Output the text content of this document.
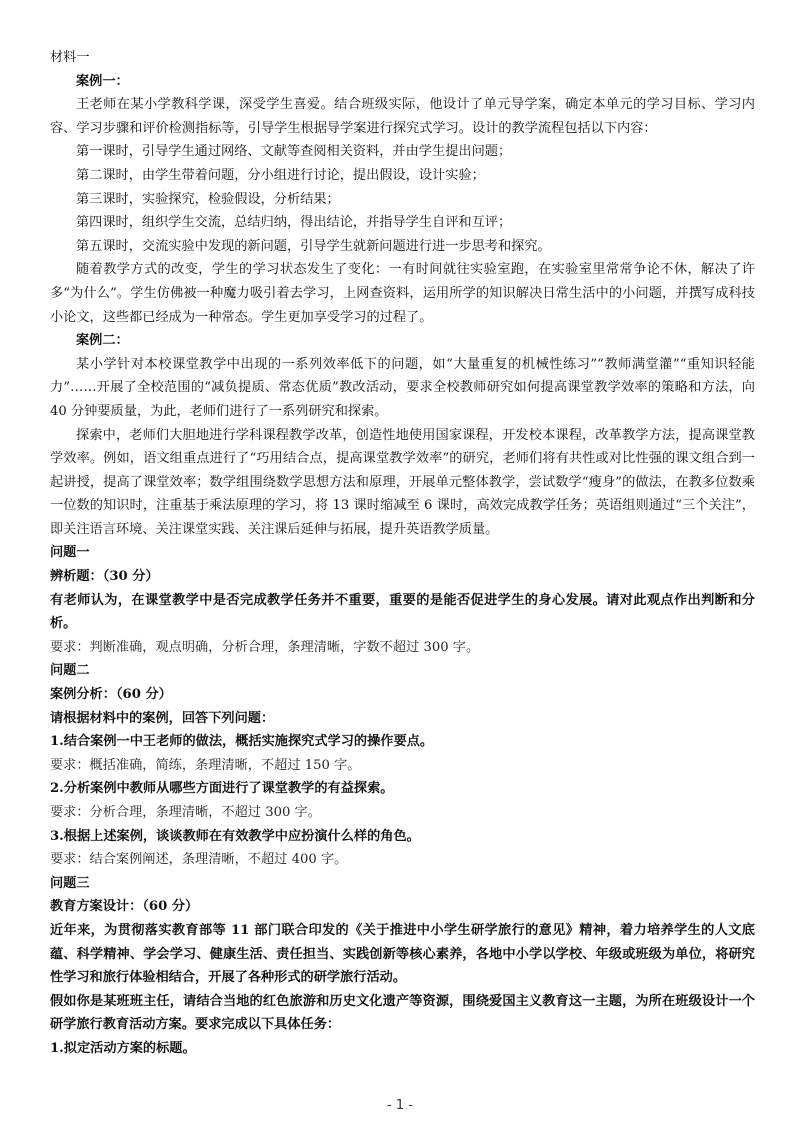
材料一
案例一：
王老师在某小学教科学课，深受学生喜爱。结合班级实际，他设计了单元导学案，确定本单元的学习目标、学习内容、学习步骤和评价检测指标等，引导学生根据导学案进行探究式学习。设计的教学流程包括以下内容：
第一课时，引导学生通过网络、文献等查阅相关资料，并由学生提出问题；
第二课时，由学生带着问题，分小组进行讨论，提出假设，设计实验；
第三课时，实验探究，检验假设，分析结果；
第四课时，组织学生交流，总结归纳，得出结论，并指导学生自评和互评；
第五课时，交流实验中发现的新问题，引导学生就新问题进行进一步思考和探究。
随着教学方式的改变，学生的学习状态发生了变化：一有时间就往实验室跑，在实验室里常常争论不休，解决了许多“为什么”。学生仿佛被一种魔力吸引着去学习，上网查资料，运用所学的知识解决日常生活中的小问题，并撰写成科技小论文，这些都已经成为一种常态。学生更加享受学习的过程了。
案例二：
某小学针对本校课堂教学中出现的一系列效率低下的问题，如“大量重复的机械性练习”“教师满堂灌”“重知识轻能力”……开展了全校范围的“减负提质、常态优质”教改活动，要求全校教师研究如何提高课堂教学效率的策略和方法，向 40 分钟要质量，为此，老师们进行了一系列研究和探索。
探索中，老师们大胆地进行学科课程教学改革，创造性地使用国家课程，开发校本课程，改革教学方法，提高课堂教学效率。例如，语文组重点进行了“巧用结合点，提高课堂教学效率”的研究，老师们将有共性或对比性强的课文组合到一起讲授，提高了课堂效率；数学组围绕数学思想方法和原理，开展单元整体教学，尝试数学“瘦身”的做法，在教多位数乘一位数的知识时，注重基于乘法原理的学习，将 13 课时缩减至 6 课时，高效完成教学任务；英语组则通过“三个关注”，即关注语言环境、关注课堂实践、关注课后延伸与拓展，提升英语教学质量。
问题一
辨析题：（30 分）
有老师认为，在课堂教学中是否完成教学任务并不重要，重要的是能否促进学生的身心发展。请对此观点作出判断和分析。
要求：判断准确，观点明确，分析合理，条理清晰，字数不超过 300 字。
问题二
案例分析：（60 分）
请根据材料中的案例，回答下列问题：
1.结合案例一中王老师的做法，概括实施探究式学习的操作要点。
要求：概括准确，简练，条理清晰，不超过 150 字。
2.分析案例中教师从哪些方面进行了课堂教学的有益探索。
要求：分析合理，条理清晰，不超过 300 字。
3.根据上述案例，谈谈教师在有效教学中应扮演什么样的角色。
要求：结合案例阐述，条理清晰，不超过 400 字。
问题三
教育方案设计：（60 分）
近年来，为贯彻落实教育部等 11 部门联合印发的《关于推进中小学生研学旅行的意见》精神，着力培养学生的人文底蕴、科学精神、学会学习、健康生活、责任担当、实践创新等核心素养，各地中小学以学校、年级或班级为单位，将研究性学习和旅行体验相结合，开展了各种形式的研学旅行活动。
假如你是某班班主任，请结合当地的红色旅游和历史文化遗产等资源，围绕爱国主义教育这一主题，为所在班级设计一个研学旅行教育活动方案。要求完成以下具体任务：
1.拟定活动方案的标题。
- 1 -
